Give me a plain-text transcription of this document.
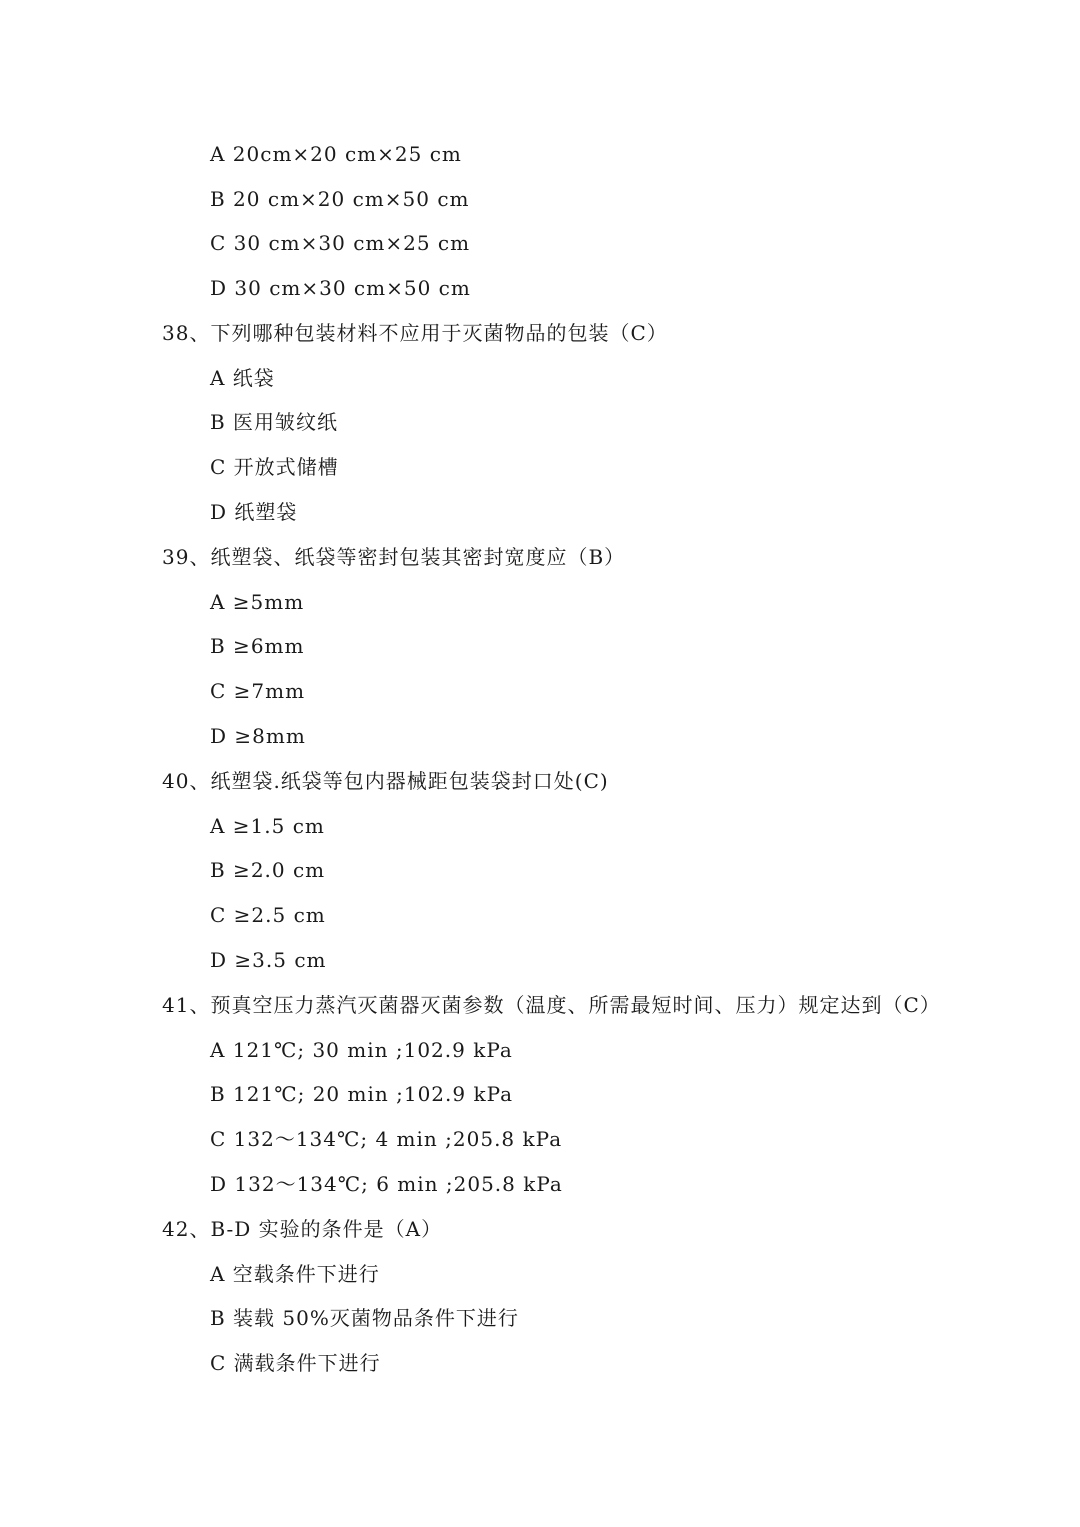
A 20cm×20 cm×25 cm
B 20 cm×20 cm×50 cm
C 30 cm×30 cm×25 cm
D 30 cm×30 cm×50 cm
38、下列哪种包装材料不应用于灭菌物品的包装（C）
A 纸袋
B 医用皱纹纸
C 开放式储槽
D 纸塑袋
39、纸塑袋、纸袋等密封包装其密封宽度应（B）
A ≥5mm
B ≥6mm
C ≥7mm
D ≥8mm
40、纸塑袋.纸袋等包内器械距包装袋封口处(C)
A ≥1.5 cm
B ≥2.0 cm
C ≥2.5 cm
D ≥3.5 cm
41、预真空压力蒸汽灭菌器灭菌参数（温度、所需最短时间、压力）规定达到（C）
A 121℃; 30 min ;102.9 kPa
B 121℃; 20 min ;102.9 kPa
C 132～134℃; 4 min ;205.8 kPa
D 132～134℃; 6 min ;205.8 kPa
42、B-D 实验的条件是（A）
A 空载条件下进行
B 装载 50%灭菌物品条件下进行
C 满载条件下进行
